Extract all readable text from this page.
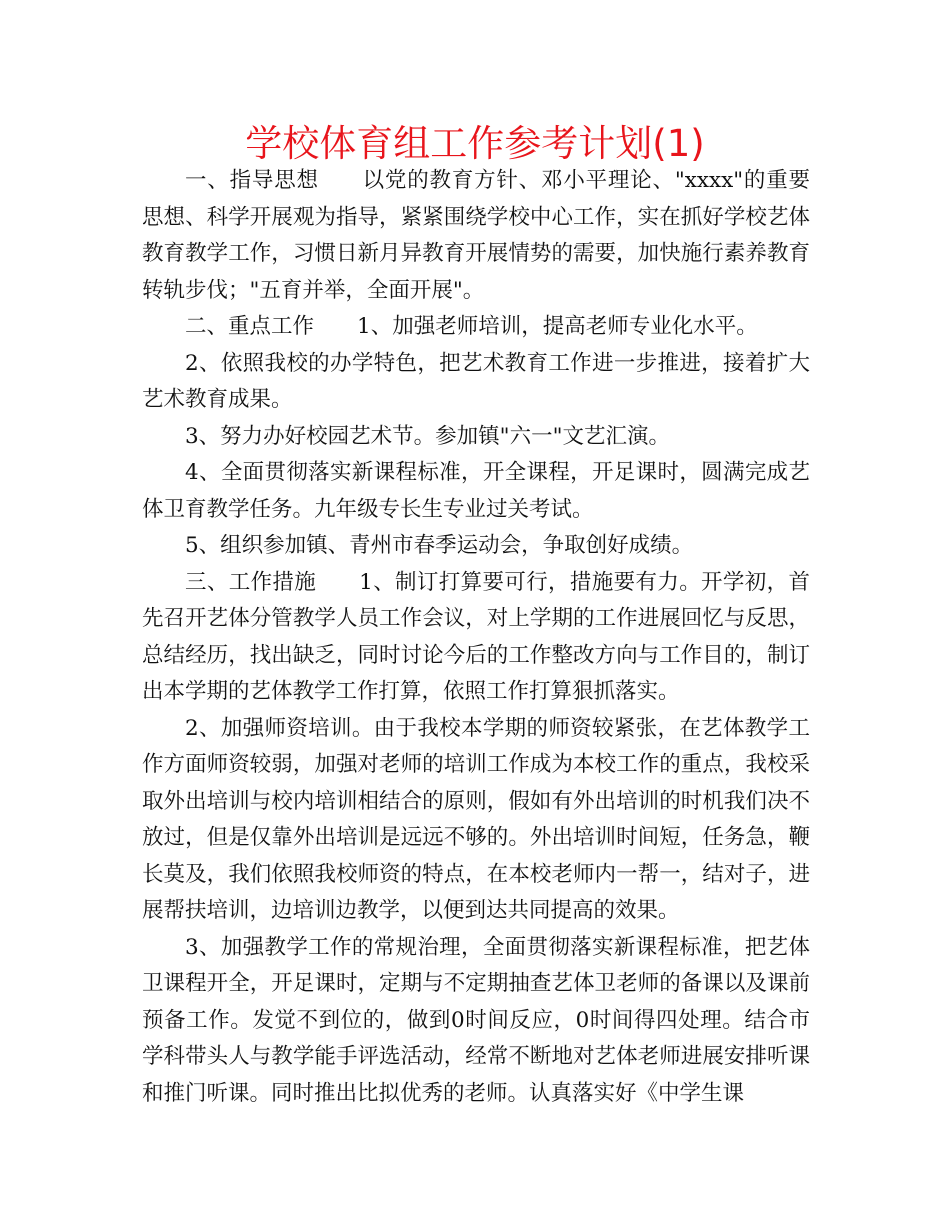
学校体育组工作参考计划(1)

一、指导思想 以党的教育方针、邓小平理论、"xxxx"的重要思想、科学开展观为指导，紧紧围绕学校中心工作，实在抓好学校艺体教育教学工作，习惯日新月异教育开展情势的需要，加快施行素养教育转轨步伐；"五育并举，全面开展"。

二、重点工作 1、加强老师培训，提高老师专业化水平。

2、依照我校的办学特色，把艺术教育工作进一步推进，接着扩大艺术教育成果。

3、努力办好校园艺术节。参加镇"六一"文艺汇演。

4、全面贯彻落实新课程标准，开全课程，开足课时，圆满完成艺体卫育教学任务。九年级专长生专业过关考试。

5、组织参加镇、青州市春季运动会，争取创好成绩。

三、工作措施 1、制订打算要可行，措施要有力。开学初，首先召开艺体分管教学人员工作会议，对上学期的工作进展回忆与反思，总结经历，找出缺乏，同时讨论今后的工作整改方向与工作目的，制订出本学期的艺体教学工作打算，依照工作打算狠抓落实。

2、加强师资培训。由于我校本学期的师资较紧张，在艺体教学工作方面师资较弱，加强对老师的培训工作成为本校工作的重点，我校采取外出培训与校内培训相结合的原则，假如有外出培训的时机我们决不放过，但是仅靠外出培训是远远不够的。外出培训时间短，任务急，鞭长莫及，我们依照我校师资的特点，在本校老师内一帮一，结对子，进展帮扶培训，边培训边教学，以便到达共同提高的效果。

3、加强教学工作的常规治理，全面贯彻落实新课程标准，把艺体卫课程开全，开足课时，定期与不定期抽查艺体卫老师的备课以及课前预备工作。发觉不到位的，做到0时间反应，0时间得四处理。结合市学科带头人与教学能手评选活动，经常不断地对艺体老师进展安排听课和推门听课。同时推出比拟优秀的老师。认真落实好《中学生课
